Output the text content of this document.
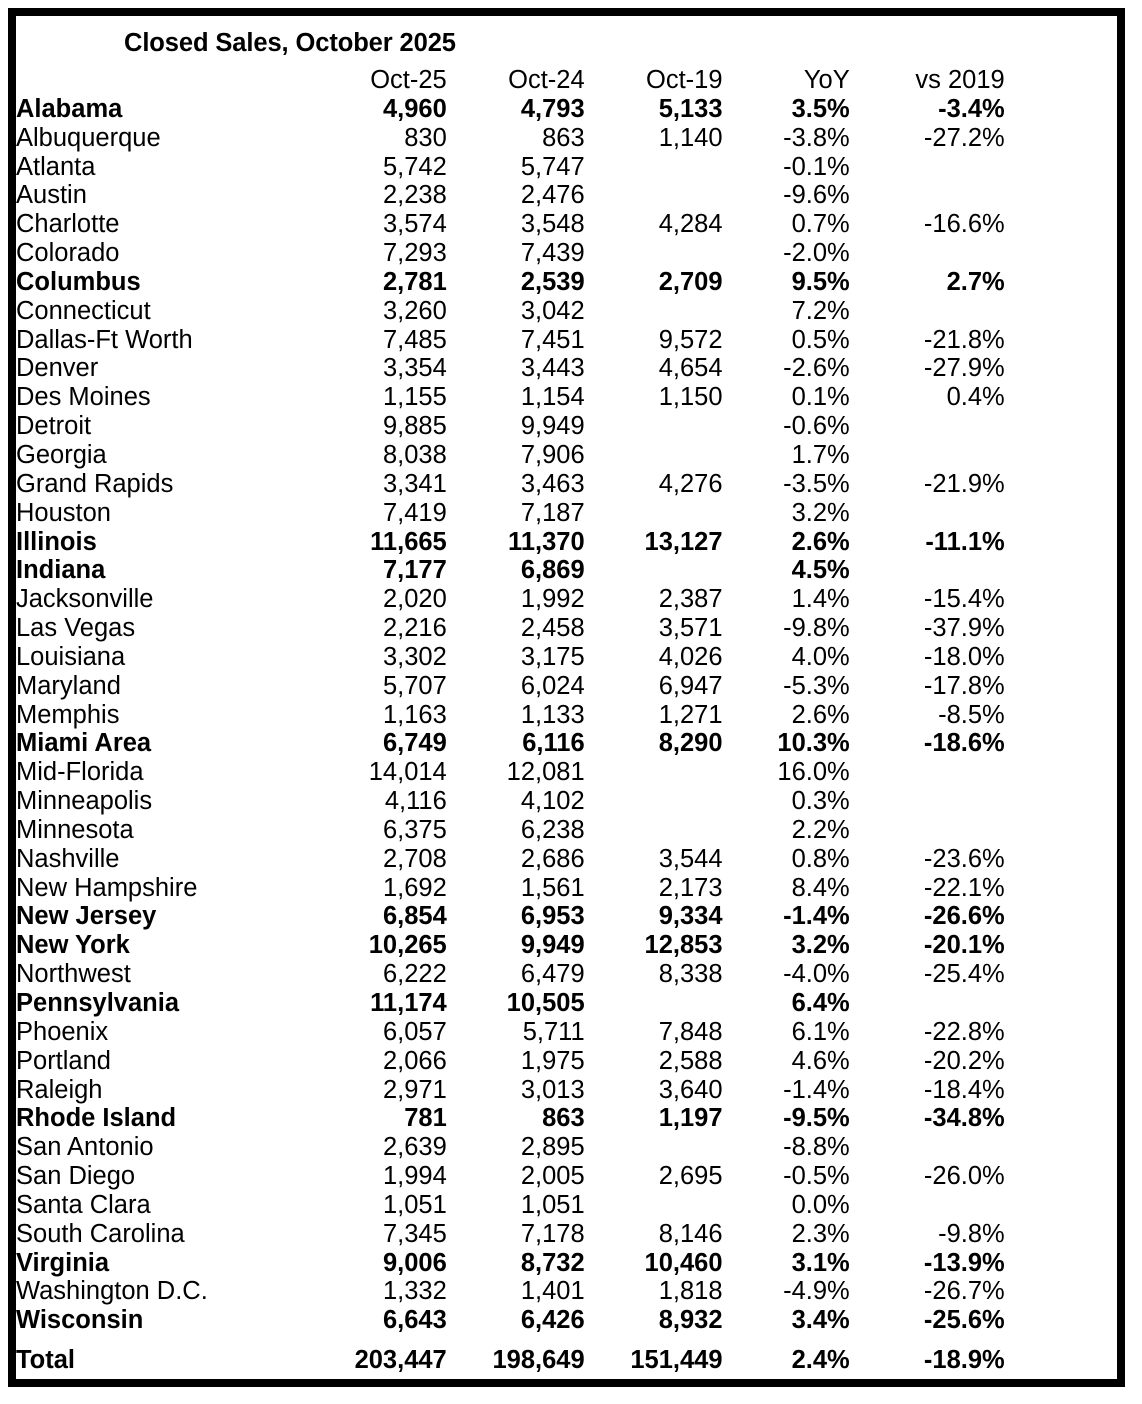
Closed Sales, October 2025
	Oct-25	Oct-24	Oct-19	YoY	vs 2019	
Alabama	4,960	4,793	5,133	3.5%	-3.4%	
Albuquerque	830	863	1,140	-3.8%	-27.2%	
Atlanta	5,742	5,747		-0.1%		
Austin	2,238	2,476		-9.6%		
Charlotte	3,574	3,548	4,284	0.7%	-16.6%	
Colorado	7,293	7,439		-2.0%		
Columbus	2,781	2,539	2,709	9.5%	2.7%	
Connecticut	3,260	3,042		7.2%		
Dallas-Ft Worth	7,485	7,451	9,572	0.5%	-21.8%	
Denver	3,354	3,443	4,654	-2.6%	-27.9%	
Des Moines	1,155	1,154	1,150	0.1%	0.4%	
Detroit	9,885	9,949		-0.6%		
Georgia	8,038	7,906		1.7%		
Grand Rapids	3,341	3,463	4,276	-3.5%	-21.9%	
Houston	7,419	7,187		3.2%		
Illinois	11,665	11,370	13,127	2.6%	-11.1%	
Indiana	7,177	6,869		4.5%		
Jacksonville	2,020	1,992	2,387	1.4%	-15.4%	
Las Vegas	2,216	2,458	3,571	-9.8%	-37.9%	
Louisiana	3,302	3,175	4,026	4.0%	-18.0%	
Maryland	5,707	6,024	6,947	-5.3%	-17.8%	
Memphis	1,163	1,133	1,271	2.6%	-8.5%	
Miami Area	6,749	6,116	8,290	10.3%	-18.6%	
Mid-Florida	14,014	12,081		16.0%		
Minneapolis	4,116	4,102		0.3%		
Minnesota	6,375	6,238		2.2%		
Nashville	2,708	2,686	3,544	0.8%	-23.6%	
New Hampshire	1,692	1,561	2,173	8.4%	-22.1%	
New Jersey	6,854	6,953	9,334	-1.4%	-26.6%	
New York	10,265	9,949	12,853	3.2%	-20.1%	
Northwest	6,222	6,479	8,338	-4.0%	-25.4%	
Pennsylvania	11,174	10,505		6.4%		
Phoenix	6,057	5,711	7,848	6.1%	-22.8%	
Portland	2,066	1,975	2,588	4.6%	-20.2%	
Raleigh	2,971	3,013	3,640	-1.4%	-18.4%	
Rhode Island	781	863	1,197	-9.5%	-34.8%	
San Antonio	2,639	2,895		-8.8%		
San Diego	1,994	2,005	2,695	-0.5%	-26.0%	
Santa Clara	1,051	1,051		0.0%		
South Carolina	7,345	7,178	8,146	2.3%	-9.8%	
Virginia	9,006	8,732	10,460	3.1%	-13.9%	
Washington D.C.	1,332	1,401	1,818	-4.9%	-26.7%	
Wisconsin	6,643	6,426	8,932	3.4%	-25.6%	

Total	203,447	198,649	151,449	2.4%	-18.9%	
